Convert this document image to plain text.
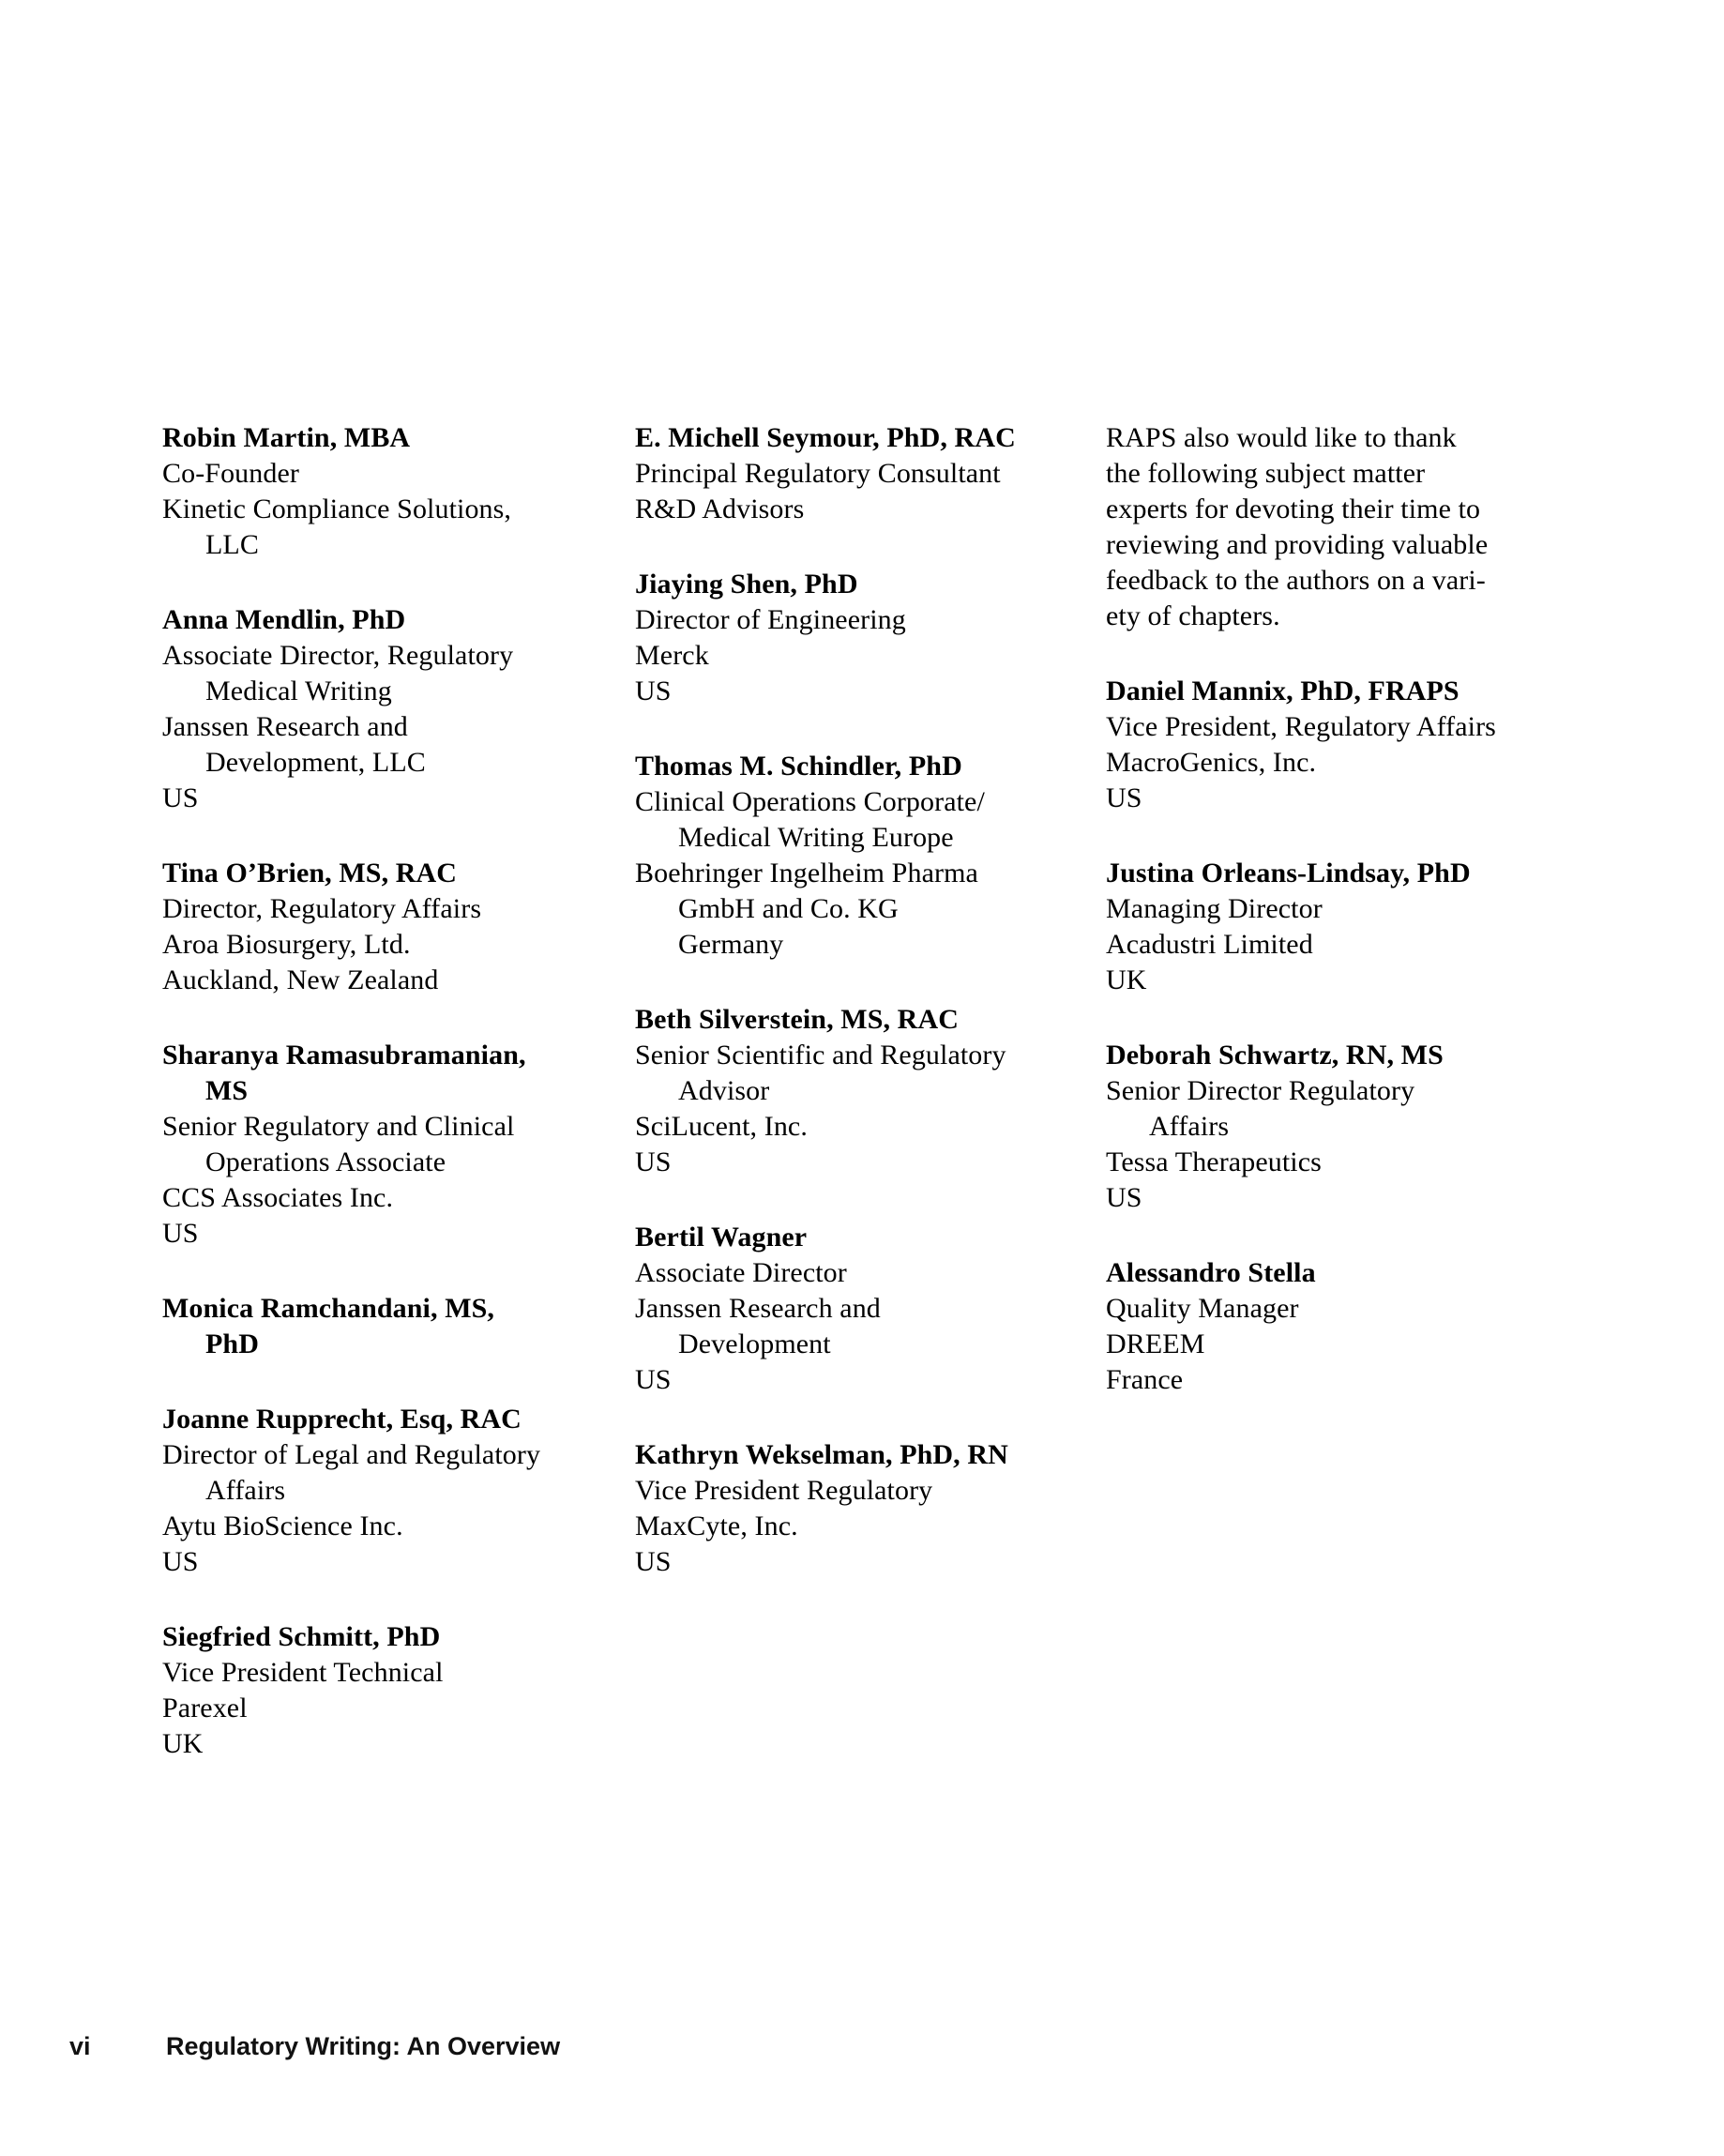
Robin Martin, MBA
Co-Founder
Kinetic Compliance Solutions,
LLC
Anna Mendlin, PhD
Associate Director, Regulatory
Medical Writing
Janssen Research and
Development, LLC
US
Tina O’Brien, MS, RAC
Director, Regulatory Affairs
Aroa Biosurgery, Ltd.
Auckland, New Zealand
Sharanya Ramasubramanian,
MS
Senior Regulatory and Clinical
Operations Associate
CCS Associates Inc.
US
Monica Ramchandani, MS,
PhD
Joanne Rupprecht, Esq, RAC
Director of Legal and Regulatory
Affairs
Aytu BioScience Inc.
US
Siegfried Schmitt, PhD
Vice President Technical
Parexel
UK
E. Michell Seymour, PhD, RAC
Principal Regulatory Consultant
R&D Advisors
Jiaying Shen, PhD
Director of Engineering
Merck
US
Thomas M. Schindler, PhD
Clinical Operations Corporate/
Medical Writing Europe
Boehringer Ingelheim Pharma
GmbH and Co. KG
Germany
Beth Silverstein, MS, RAC
Senior Scientific and Regulatory
Advisor
SciLucent, Inc.
US
Bertil Wagner
Associate Director
Janssen Research and
Development
US
Kathryn Wekselman, PhD, RN
Vice President Regulatory
MaxCyte, Inc.
US
RAPS also would like to thank
the following subject matter
experts for devoting their time to
reviewing and providing valuable
feedback to the authors on a vari-
ety of chapters.
Daniel Mannix, PhD, FRAPS
Vice President, Regulatory Affairs
MacroGenics, Inc.
US
Justina Orleans-Lindsay, PhD
Managing Director
Acadustri Limited
UK
Deborah Schwartz, RN, MS
Senior Director Regulatory
Affairs
Tessa Therapeutics
US
Alessandro Stella
Quality Manager
DREEM
France
vi	Regulatory Writing: An Overview
